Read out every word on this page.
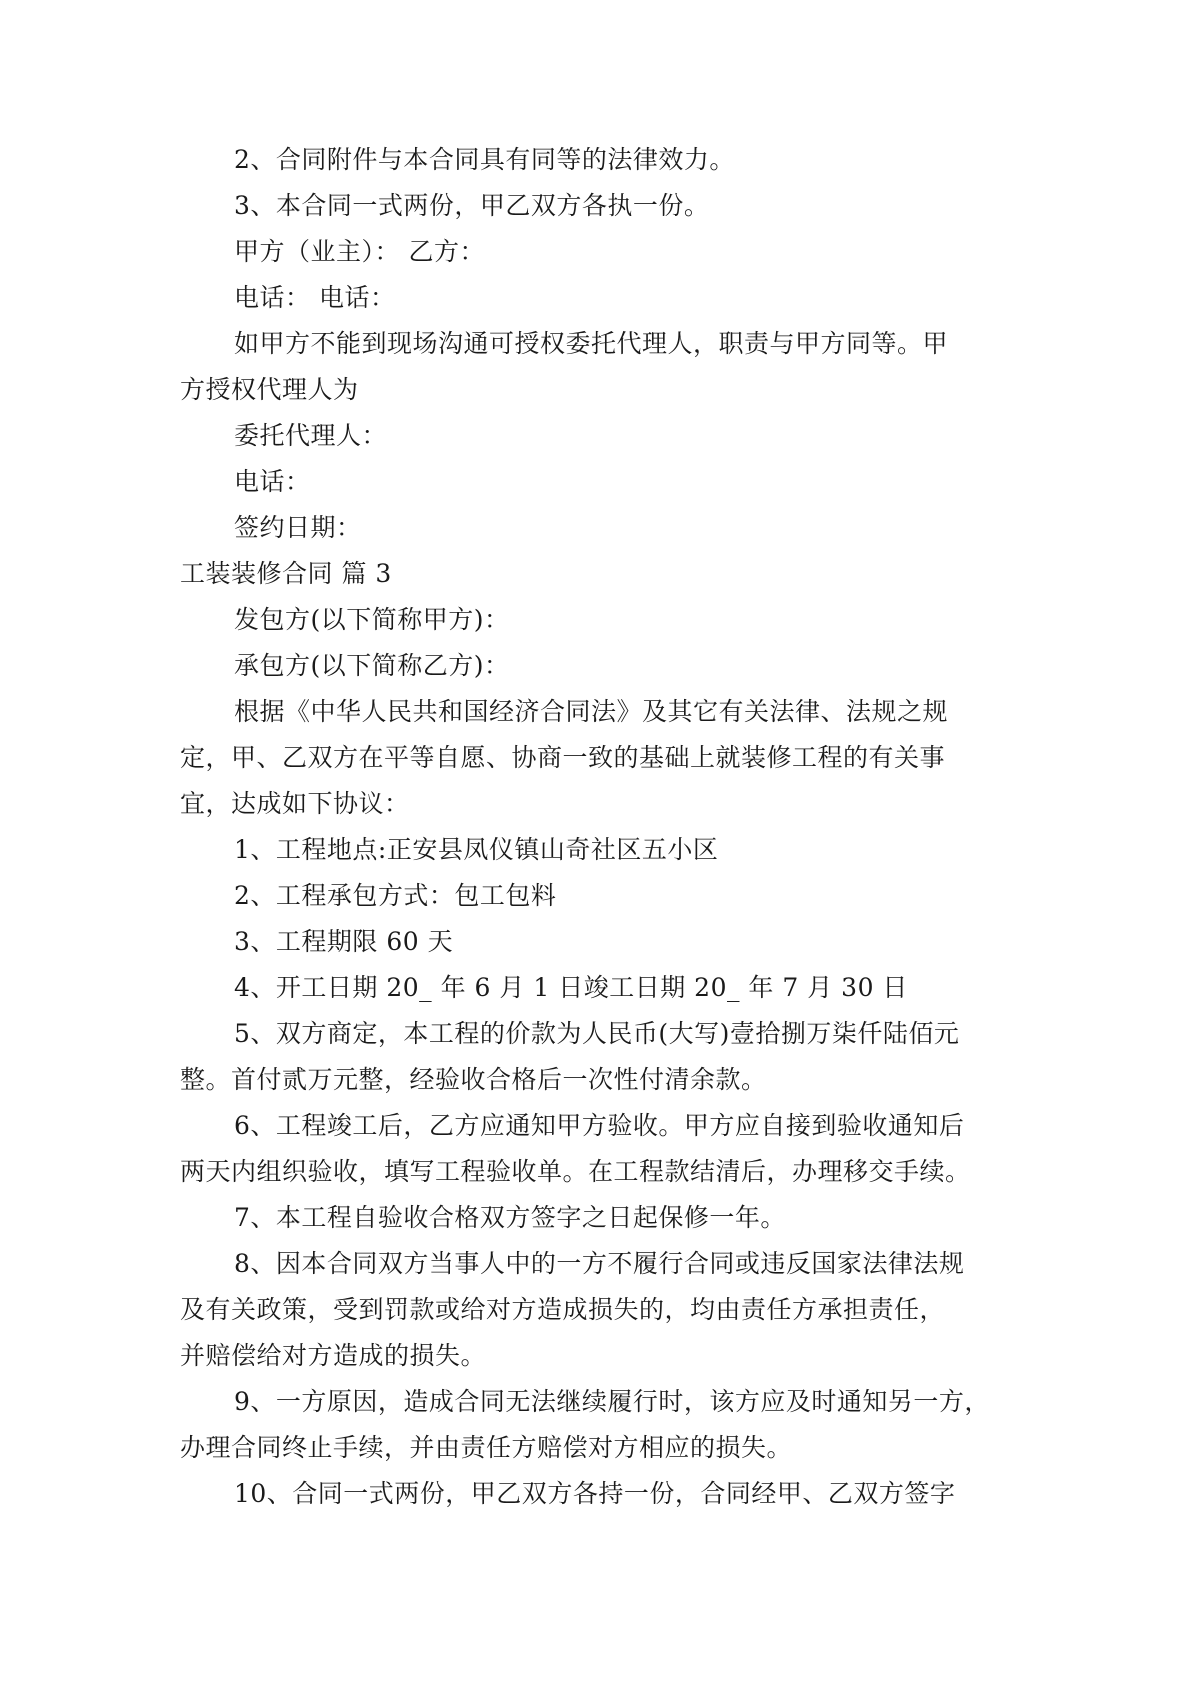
2、合同附件与本合同具有同等的法律效力。
3、本合同一式两份，甲乙双方各执一份。
甲方（业主）： 乙方：
电话： 电话：
如甲方不能到现场沟通可授权委托代理人，职责与甲方同等。甲
方授权代理人为
委托代理人：
电话：
签约日期：
工装装修合同 篇 3
发包方(以下简称甲方)：
承包方(以下简称乙方)：
根据《中华人民共和国经济合同法》及其它有关法律、法规之规
定，甲、乙双方在平等自愿、协商一致的基础上就装修工程的有关事
宜，达成如下协议：
1、工程地点:正安县凤仪镇山奇社区五小区
2、工程承包方式：包工包料
3、工程期限 60 天
4、开工日期 20_ 年 6 月 1 日竣工日期 20_ 年 7 月 30 日
5、双方商定，本工程的价款为人民币(大写)壹拾捌万柒仟陆佰元
整。首付贰万元整，经验收合格后一次性付清余款。
6、工程竣工后，乙方应通知甲方验收。甲方应自接到验收通知后
两天内组织验收，填写工程验收单。在工程款结清后，办理移交手续。
7、本工程自验收合格双方签字之日起保修一年。
8、因本合同双方当事人中的一方不履行合同或违反国家法律法规
及有关政策，受到罚款或给对方造成损失的，均由责任方承担责任，
并赔偿给对方造成的损失。
9、一方原因，造成合同无法继续履行时，该方应及时通知另一方，
办理合同终止手续，并由责任方赔偿对方相应的损失。
10、合同一式两份，甲乙双方各持一份，合同经甲、乙双方签字
